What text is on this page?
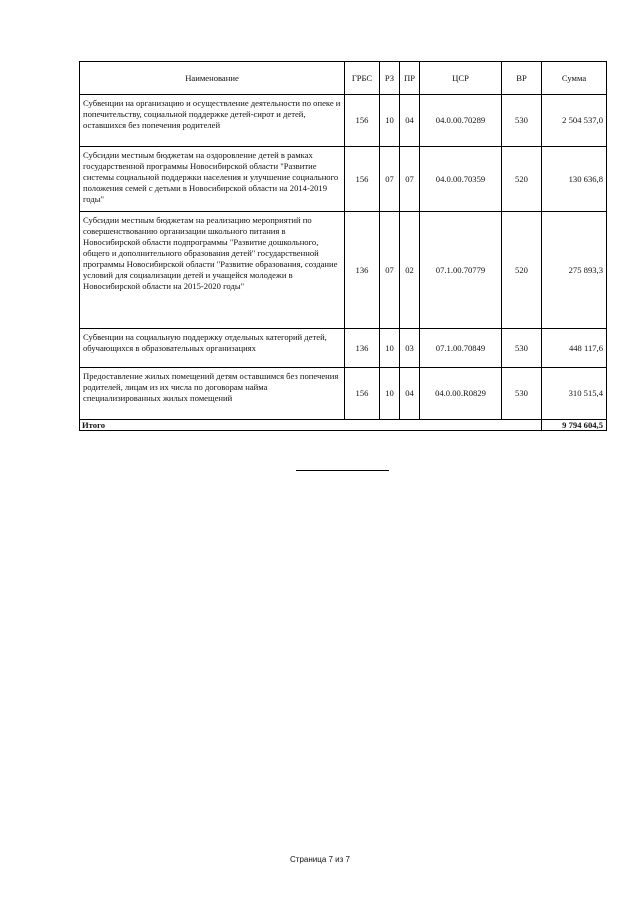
Наименование	ГРБС	РЗ	ПР	ЦСР	ВР	Сумма
Субвенции на организацию и осуществление деятельности по опеке и попечительству, социальной поддержке детей-сирот и детей, оставшихся без попечения родителей	156	10	04	04.0.00.70289	530	2 504 537,0
Субсидии местным бюджетам на оздоровление детей в рамках государственной программы Новосибирской области "Развитие системы социальной поддержки населения и улучшение социального положения семей с детьми в Новосибирской области на 2014-2019 годы"	156	07	07	04.0.00.70359	520	130 636,8
Субсидии местным бюджетам на реализацию мероприятий по совершенствованию организации школьного питания в Новосибирской области подпрограммы "Развитие дошкольного, общего и дополнительного образования детей" государственной программы Новосибирской области "Развитие образования, создание условий для социализации детей и учащейся молодежи в Новосибирской области на 2015-2020 годы"	136	07	02	07.1.00.70779	520	275 893,3
Субвенции на социальную поддержку отдельных категорий детей, обучающихся в образовательных организациях	136	10	03	07.1.00.70849	530	448 117,6
Предоставление жилых помещений детям оставшимся без попечения родителей, лицам из их числа по договорам найма специализированных жилых помещений	156	10	04	04.0.00.R0829	530	310 515,4
Итого						9 794 604,5
Страница 7 из 7
